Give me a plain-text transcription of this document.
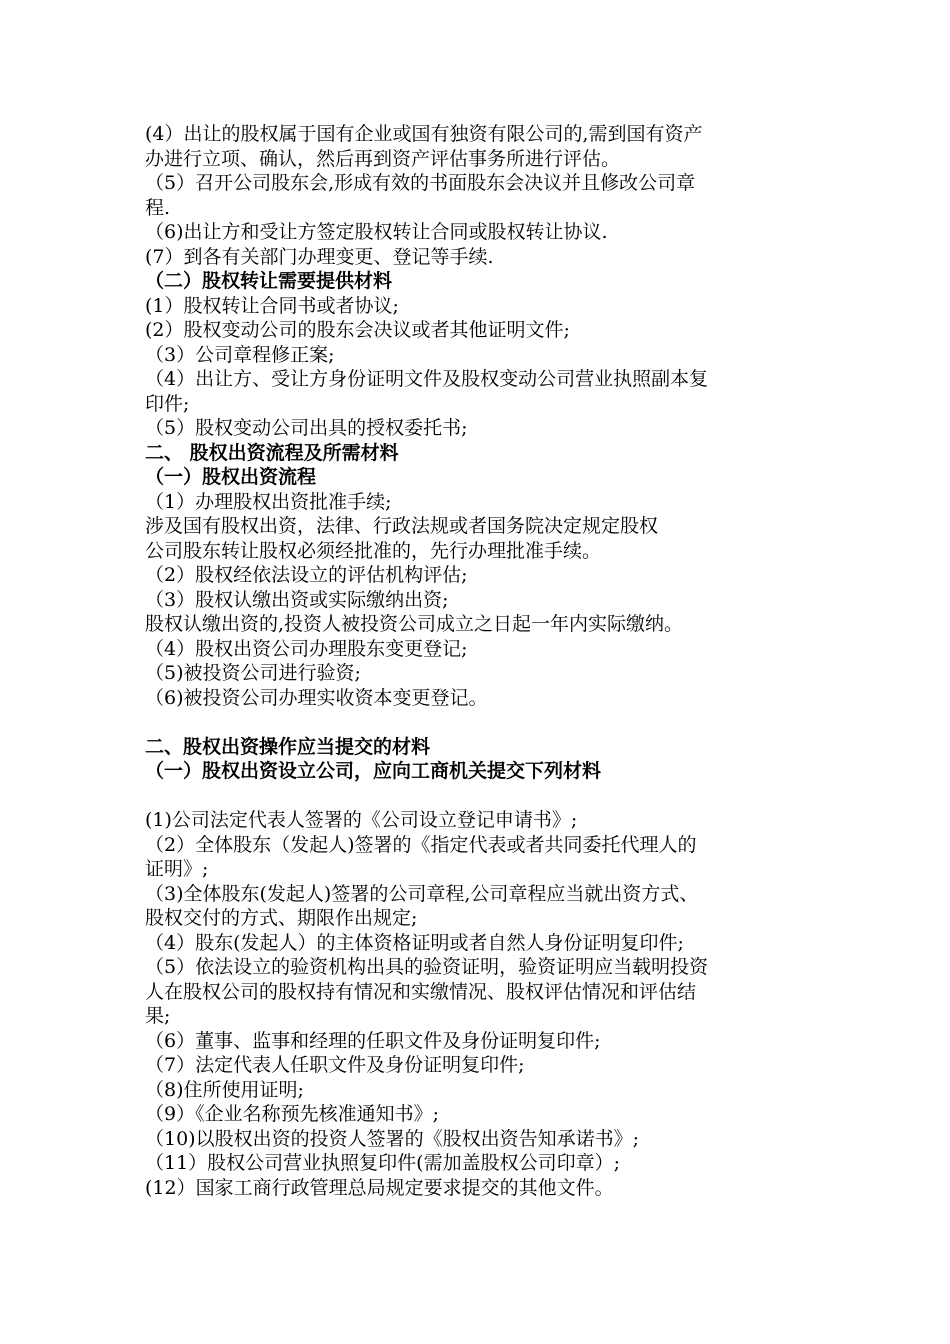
(4）出让的股权属于国有企业或国有独资有限公司的,需到国有资产
办进行立项、确认，然后再到资产评估事务所进行评估。
（5）召开公司股东会,形成有效的书面股东会决议并且修改公司章
程.
（6)出让方和受让方签定股权转让合同或股权转让协议.
(7）到各有关部门办理变更、登记等手续.
（二）股权转让需要提供材料
(1）股权转让合同书或者协议;
(2）股权变动公司的股东会决议或者其他证明文件;
（3）公司章程修正案;
（4）出让方、受让方身份证明文件及股权变动公司营业执照副本复
印件;
（5）股权变动公司出具的授权委托书;
二、 股权出资流程及所需材料
（一）股权出资流程
（1）办理股权出资批准手续;
涉及国有股权出资，法律、行政法规或者国务院决定规定股权
公司股东转让股权必须经批准的，先行办理批准手续。
（2）股权经依法设立的评估机构评估;
（3）股权认缴出资或实际缴纳出资;
股权认缴出资的,投资人被投资公司成立之日起一年内实际缴纳。
（4）股权出资公司办理股东变更登记;
（5)被投资公司进行验资;
（6)被投资公司办理实收资本变更登记。
二、股权出资操作应当提交的材料
（一）股权出资设立公司，应向工商机关提交下列材料
(1)公司法定代表人签署的《公司设立登记申请书》;
（2）全体股东（发起人)签署的《指定代表或者共同委托代理人的
证明》;
（3)全体股东(发起人)签署的公司章程,公司章程应当就出资方式、
股权交付的方式、期限作出规定;
（4）股东(发起人）的主体资格证明或者自然人身份证明复印件;
（5）依法设立的验资机构出具的验资证明，验资证明应当载明投资
人在股权公司的股权持有情况和实缴情况、股权评估情况和评估结
果;
（6）董事、监事和经理的任职文件及身份证明复印件;
（7）法定代表人任职文件及身份证明复印件;
（8)住所使用证明;
（9）《企业名称预先核准通知书》;
（10)以股权出资的投资人签署的《股权出资告知承诺书》;
（11）股权公司营业执照复印件(需加盖股权公司印章）;
(12）国家工商行政管理总局规定要求提交的其他文件。
